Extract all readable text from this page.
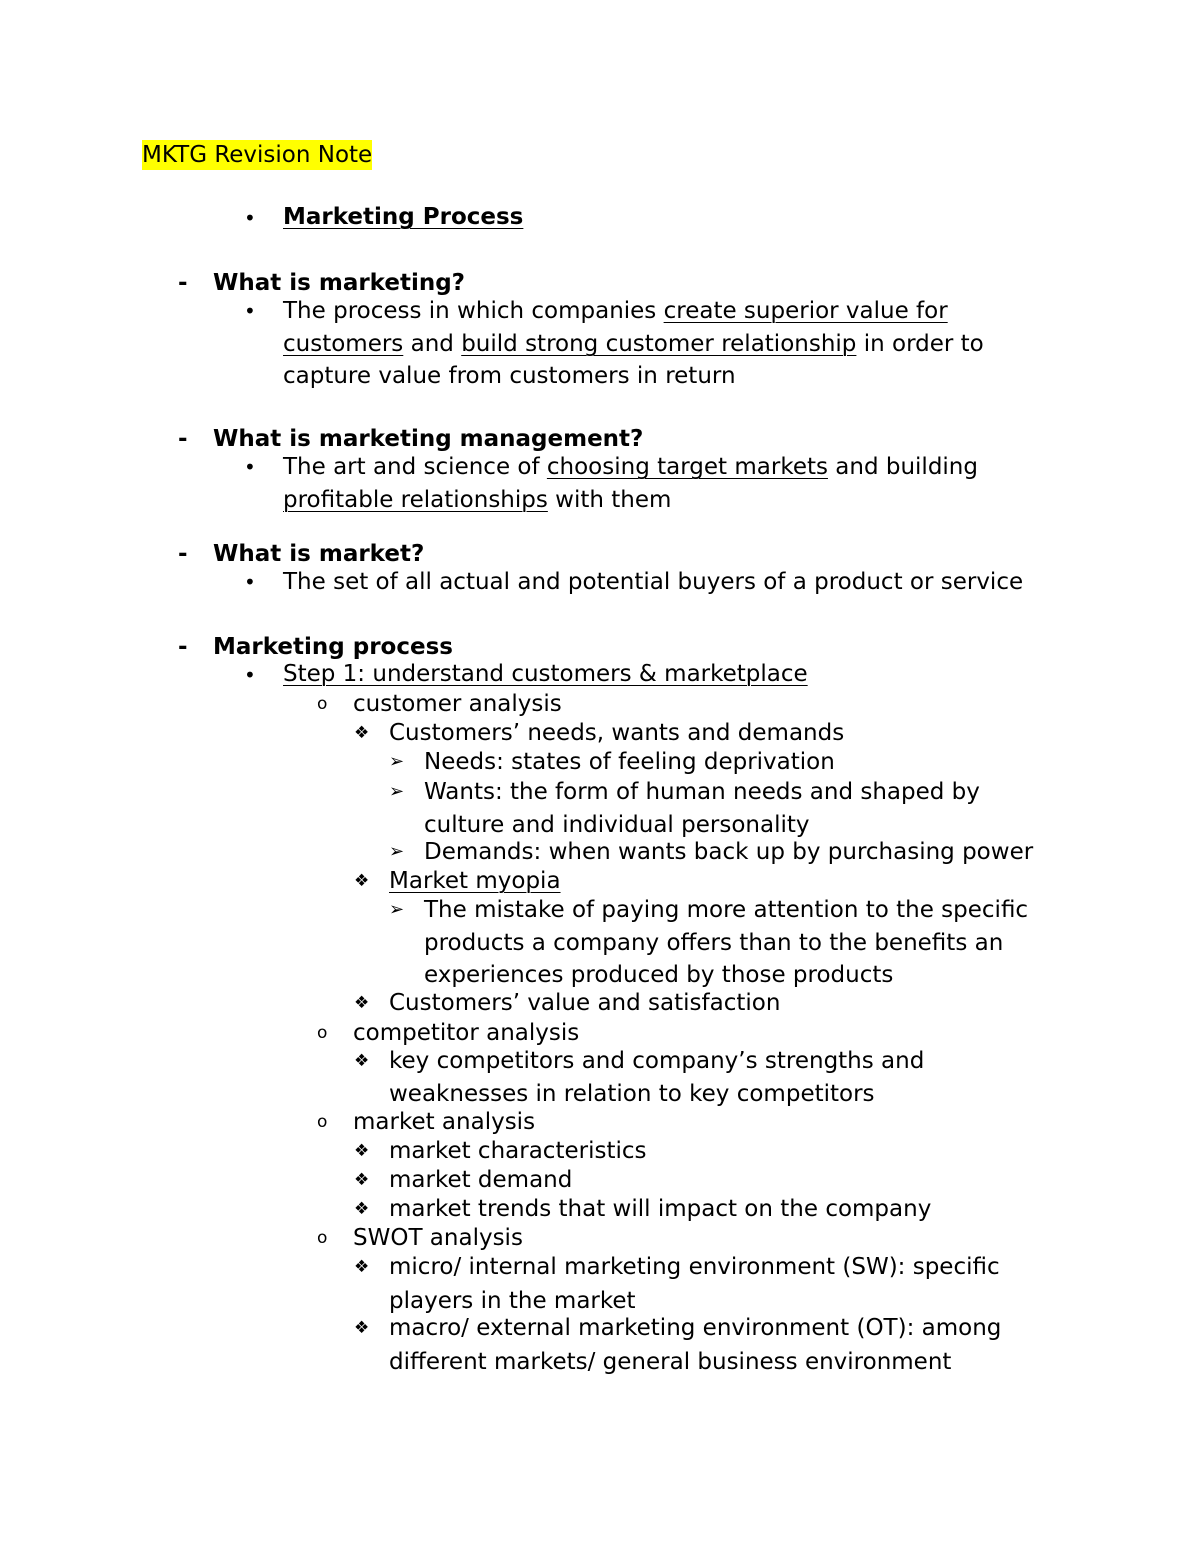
MKTG Revision Note
• Marketing Process
- What is marketing?
• The process in which companies create superior value for
customers and build strong customer relationship in order to
capture value from customers in return
- What is marketing management?
• The art and science of choosing target markets and building
profitable relationships with them
- What is market?
• The set of all actual and potential buyers of a product or service
- Marketing process
• Step 1: understand customers & marketplace
o customer analysis
❖ Customers’ needs, wants and demands
➢ Needs: states of feeling deprivation
➢ Wants: the form of human needs and shaped by
culture and individual personality
➢ Demands: when wants back up by purchasing power
❖ Market myopia
➢ The mistake of paying more attention to the specific
products a company offers than to the benefits an
experiences produced by those products
❖ Customers’ value and satisfaction
o competitor analysis
❖ key competitors and company’s strengths and
weaknesses in relation to key competitors
o market analysis
❖ market characteristics
❖ market demand
❖ market trends that will impact on the company
o SWOT analysis
❖ micro/ internal marketing environment (SW): specific
players in the market
❖ macro/ external marketing environment (OT): among
different markets/ general business environment
